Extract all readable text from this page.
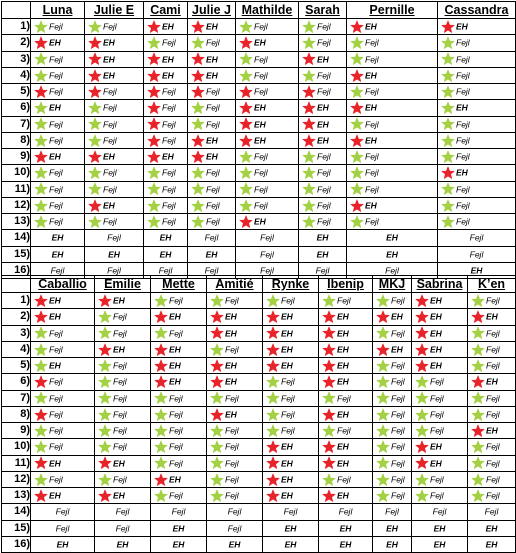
	Luna	Julie E	Cami	Julie J	Mathilde	Sarah	Pernille	Cassandra
1)	Fejl	Fejl	EH	EH	Fejl	Fejl	EH	EH
2)	EH	EH	Fejl	Fejl	EH	Fejl	Fejl	Fejl
3)	Fejl	EH	EH	EH	Fejl	EH	Fejl	Fejl
4)	Fejl	EH	EH	EH	Fejl	Fejl	EH	Fejl
5)	Fejl	Fejl	Fejl	Fejl	Fejl	Fejl	Fejl	Fejl
6)	EH	Fejl	Fejl	Fejl	EH	EH	EH	EH
7)	Fejl	Fejl	Fejl	Fejl	EH	EH	Fejl	Fejl
8)	Fejl	Fejl	Fejl	EH	EH	EH	EH	Fejl
9)	EH	EH	EH	EH	Fejl	Fejl	Fejl	Fejl
10)	Fejl	Fejl	Fejl	Fejl	Fejl	Fejl	Fejl	EH
11)	Fejl	Fejl	Fejl	Fejl	Fejl	Fejl	Fejl	Fejl
12)	Fejl	EH	Fejl	Fejl	Fejl	Fejl	EH	Fejl
13)	Fejl	Fejl	Fejl	Fejl	EH	Fejl	Fejl	Fejl
14)	EH	Fejl	EH	Fejl	Fejl	EH	EH	Fejl
15)	EH	EH	EH	EH	Fejl	EH	EH	Fejl
16)	Fejl	Fejl	Fejl	Fejl	Fejl	Fejl	Fejl	EH
	Caballio	Emilie	Mette	Amitié	Rynke	Ibenip	MKJ	Sabrina	K’en
1)	EH	EH	Fejl	Fejl	Fejl	Fejl	Fejl	EH	Fejl
2)	EH	Fejl	EH	EH	EH	EH	EH	EH	EH
3)	Fejl	Fejl	Fejl	EH	EH	EH	Fejl	EH	Fejl
4)	Fejl	EH	EH	Fejl	EH	EH	EH	EH	Fejl
5)	EH	Fejl	EH	EH	EH	EH	Fejl	EH	Fejl
6)	Fejl	Fejl	EH	EH	Fejl	EH	Fejl	Fejl	EH
7)	Fejl	Fejl	Fejl	Fejl	Fejl	Fejl	Fejl	Fejl	Fejl
8)	Fejl	Fejl	Fejl	EH	Fejl	EH	Fejl	Fejl	Fejl
9)	Fejl	Fejl	Fejl	Fejl	Fejl	Fejl	Fejl	Fejl	EH
10)	Fejl	Fejl	Fejl	Fejl	EH	EH	Fejl	EH	Fejl
11)	EH	EH	Fejl	Fejl	EH	EH	Fejl	EH	Fejl
12)	Fejl	Fejl	EH	Fejl	EH	Fejl	Fejl	Fejl	Fejl
13)	EH	EH	Fejl	Fejl	EH	EH	Fejl	Fejl	Fejl
14)	Fejl	Fejl	Fejl	Fejl	Fejl	Fejl	Fejl	Fejl	Fejl
15)	Fejl	Fejl	EH	Fejl	EH	EH	EH	EH	EH
16)	EH	EH	EH	EH	EH	EH	EH	EH	EH
